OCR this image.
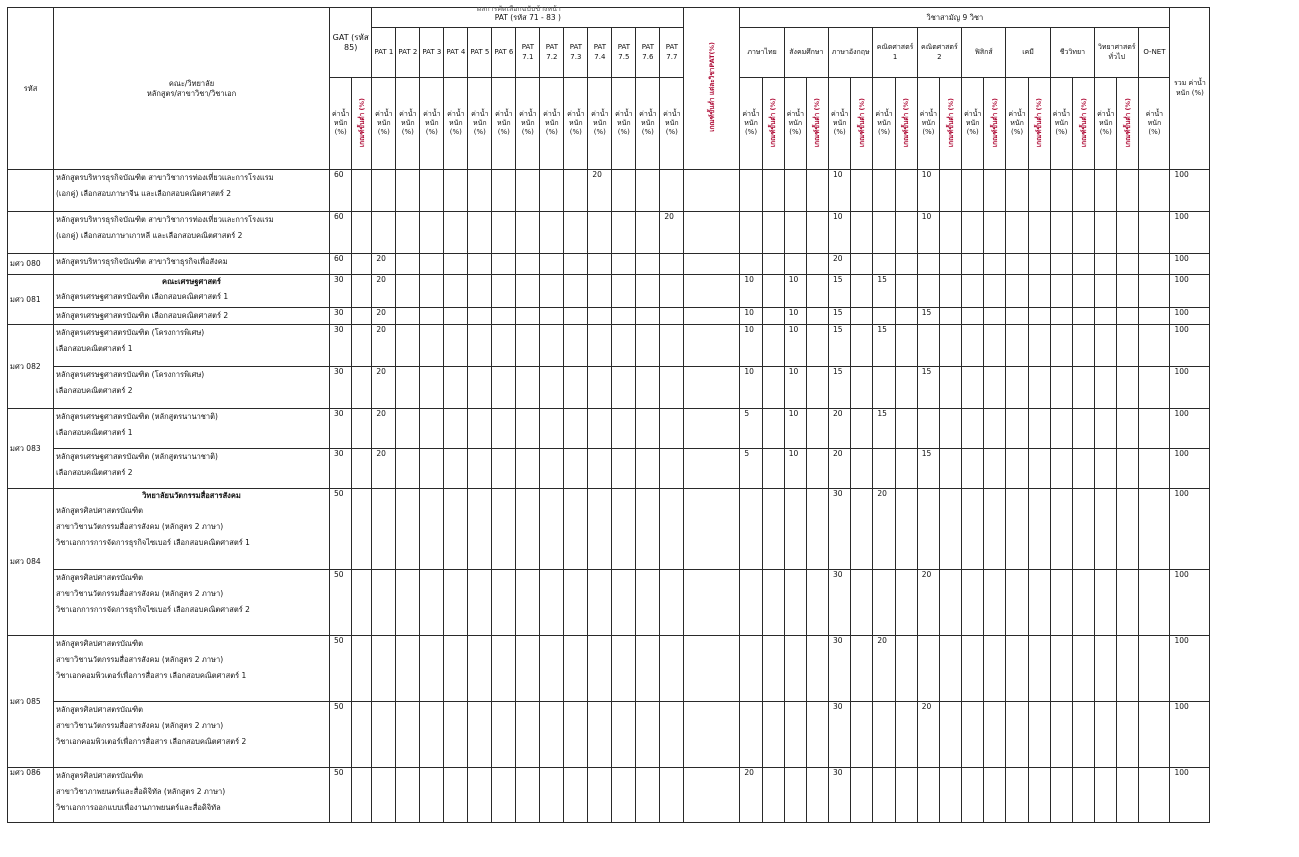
ผลการคัดเลือกฉบับข้างหน้า
รหัส	คณะ/วิทยาลัย
หลักสูตร/สาขาวิชา/วิชาเอก	GAT (รหัส 85)		PAT (รหัส 71 - 83 )													เกณฑ์ขั้นต่ำ แต่ละวิชาPAT(%)	วิชาสามัญ 9 วิชา																			รวม ค่าน้ำหนัก (%)
				PAT 1	PAT 2	PAT 3	PAT 4	PAT 5	PAT 6	PAT 7.1	PAT 7.2	PAT 7.3	PAT 7.4	PAT 7.5	PAT 7.6	PAT 7.7		ภาษาไทย		สังคมศึกษา		ภาษาอังกฤษ		คณิตศาสตร์ 1		คณิตศาสตร์ 2		ฟิสิกส์		เคมี		ชีววิทยา		วิทยาศาสตร์ทั่วไป		O-NET	
		ค่าน้ำหนัก (%)	เกณฑ์ขั้นต่ำ (%)	ค่าน้ำหนัก (%)	ค่าน้ำหนัก (%)	ค่าน้ำหนัก (%)	ค่าน้ำหนัก (%)	ค่าน้ำหนัก (%)	ค่าน้ำหนัก (%)	ค่าน้ำหนัก (%)	ค่าน้ำหนัก (%)	ค่าน้ำหนัก (%)	ค่าน้ำหนัก (%)	ค่าน้ำหนัก (%)	ค่าน้ำหนัก (%)	ค่าน้ำหนัก (%)		ค่าน้ำหนัก (%)	เกณฑ์ขั้นต่ำ (%)	ค่าน้ำหนัก (%)	เกณฑ์ขั้นต่ำ (%)	ค่าน้ำหนัก (%)	เกณฑ์ขั้นต่ำ (%)	ค่าน้ำหนัก (%)	เกณฑ์ขั้นต่ำ (%)	ค่าน้ำหนัก (%)	เกณฑ์ขั้นต่ำ (%)	ค่าน้ำหนัก (%)	เกณฑ์ขั้นต่ำ (%)	ค่าน้ำหนัก (%)	เกณฑ์ขั้นต่ำ (%)	ค่าน้ำหนัก (%)	เกณฑ์ขั้นต่ำ (%)	ค่าน้ำหนัก (%)	เกณฑ์ขั้นต่ำ (%)	ค่าน้ำหนัก (%)	

	หลักสูตรบริหารธุรกิจบัณฑิต สาขาวิชาการท่องเที่ยวและการโรงแรม
(เอกคู่) เลือกสอบภาษาจีน และเลือกสอบคณิตศาสตร์ 2	60											20									10				10											100

	หลักสูตรบริหารธุรกิจบัณฑิต สาขาวิชาการท่องเที่ยวและการโรงแรม
(เอกคู่) เลือกสอบภาษาเกาหลี และเลือกสอบคณิตศาสตร์ 2	60														20						10				10											100
มศว 080	หลักสูตรบริหารธุรกิจบัณฑิต สาขาวิชาธุรกิจเพื่อสังคม	60		20																		20															100
มศว 081	คณะเศรษฐศาสตร์
หลักสูตรเศรษฐศาสตรบัณฑิต เลือกสอบคณิตศาสตร์ 1	30		20														10		10		15		15													100

	หลักสูตรเศรษฐศาสตรบัณฑิต เลือกสอบคณิตศาสตร์ 2	30		20														10		10		15				15											100
มศว 082	หลักสูตรเศรษฐศาสตรบัณฑิต (โครงการพิเศษ)
เลือกสอบคณิตศาสตร์ 1	30		20														10		10		15		15													100

	หลักสูตรเศรษฐศาสตรบัณฑิต (โครงการพิเศษ)
เลือกสอบคณิตศาสตร์ 2	30		20														10		10		15				15											100
มศว 083	หลักสูตรเศรษฐศาสตรบัณฑิต (หลักสูตรนานาชาติ)
เลือกสอบคณิตศาสตร์ 1	30		20														5		10		20		15													100

	หลักสูตรเศรษฐศาสตรบัณฑิต (หลักสูตรนานาชาติ)
เลือกสอบคณิตศาสตร์ 2	30		20														5		10		20				15											100
มศว 084	วิทยาลัยนวัตกรรมสื่อสารสังคม
หลักสูตรศิลปศาสตรบัณฑิต
สาขาวิชานวัตกรรมสื่อสารสังคม (หลักสูตร 2 ภาษา)
วิชาเอกการการจัดการธุรกิจไซเบอร์ เลือกสอบคณิตศาสตร์ 1	50																				30		20													100

	หลักสูตรศิลปศาสตรบัณฑิต
สาขาวิชานวัตกรรมสื่อสารสังคม (หลักสูตร 2 ภาษา)
วิชาเอกการการจัดการธุรกิจไซเบอร์ เลือกสอบคณิตศาสตร์ 2	50																				30				20											100
มศว 085	หลักสูตรศิลปศาสตรบัณฑิต
สาขาวิชานวัตกรรมสื่อสารสังคม (หลักสูตร 2 ภาษา)
วิชาเอกคอมพิวเตอร์เพื่อการสื่อสาร เลือกสอบคณิตศาสตร์ 1	50																				30		20													100

	หลักสูตรศิลปศาสตรบัณฑิต
สาขาวิชานวัตกรรมสื่อสารสังคม (หลักสูตร 2 ภาษา)
วิชาเอกคอมพิวเตอร์เพื่อการสื่อสาร เลือกสอบคณิตศาสตร์ 2	50																				30				20											100
มศว 086	หลักสูตรศิลปศาสตรบัณฑิต
สาขาวิชาภาพยนตร์และสื่อดิจิทัล (หลักสูตร 2 ภาษา)
วิชาเอกการออกแบบเพื่องานภาพยนตร์และสื่อดิจิทัล	50																20				30															100
